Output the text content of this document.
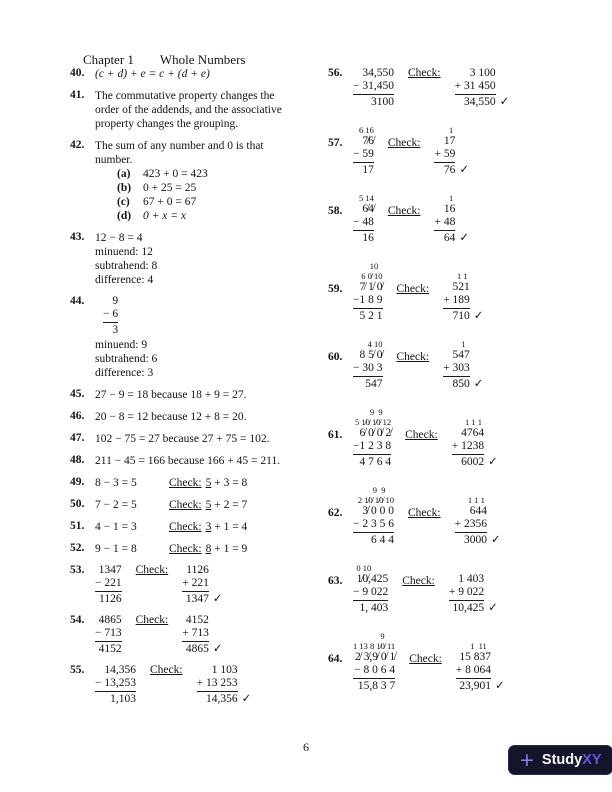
Chapter 1 Whole Numbers

40. (c + d) + e = c + (d + e)
41. The commutative property changes the
order of the addends, and the associative
property changes the grouping.
42. The sum of any number and 0 is that
number.
(a)	423 + 0 = 423
(b)	0 + 25 = 25
(c)	67 + 0 = 67
(d)	0 + x = x
43. 12 − 8 = 4
minuend: 12
subtrahend: 8
difference: 4
44.	9
− 6
3
minuend: 9
subtrahend: 6
difference: 3
45. 27 − 9 = 18 because 18 + 9 = 27.
46. 20 − 8 = 12 because 12 + 8 = 20.
47. 102 − 75 = 27 because 27 + 75 = 102.
48. 211 − 45 = 166 because 166 + 45 = 211.
49. 8 − 3 = 5	Check: 5 + 3 = 8
50. 7 − 2 = 5	Check: 5 + 2 = 7
51. 4 − 1 = 3	Check: 3 + 1 = 4
52. 9 − 1 = 8	Check: 8 + 1 = 9
53.	1347
− 221
1126
Check:	1126
+ 221
1347 ✓
54.	4865
− 713
4152
Check:	4152
+ 713
4865 ✓
55.	14,356
− 13,253
1,103
Check:	1 103
+ 13 253
14,356 ✓
56.	34,550
− 31,450
3100
Check:	3 100
+ 31 450
34,550 ✓
57.
6 16
7̸6̸
− 59
17
Check:
1
17
+ 59
76 ✓
58.
5 14
6̸4̸
− 48
16
Check:
1
16
+ 48
64 ✓
59.
10
6 0̸ 10
7̸ 1̸ 0̸
−1 8 9
5 2 1
Check:
1 1
521
+ 189
710 ✓
60.
4 10
8 5̸ 0̸
− 30 3
547
Check:
1
547
+ 303
850 ✓
61.
9  9
5 1̸0̸ 1̸0̸ 12
6̸ 0̸ 0̸ 2̸
−1 2 3 8
4 7 6 4
Check:
1 1 1
4764
+ 1238
6002 ✓
62.
9  9
2 1̸0̸ 1̸0̸ 10
3̸ 0 0 0
− 2 3 5 6
6 4 4
Check:
1 1 1
644
+ 2356
3000 ✓
63.
0 10
1̸0̸,425
− 9 022
1, 403
Check:	1 403
+ 9 022
10,425 ✓
64.
9
1 13 8 1̸0̸ 11
2̸ 3̸,9̸ 0̸ 1̸
− 8 0 6 4
15,8 3 7
Check:
1  11
15 837
+ 8 064
23,901 ✓
6
+ StudyXY
